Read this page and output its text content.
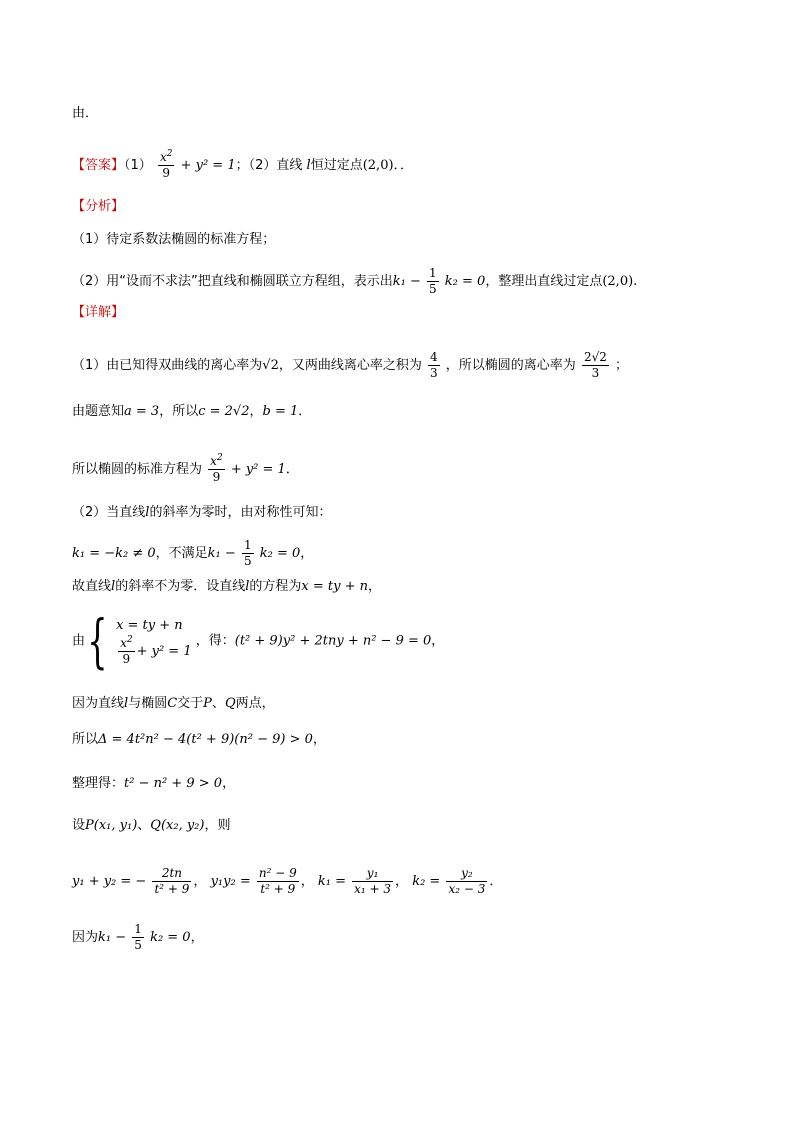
由．
【答案】$(1) \frac{x^2}{9} + y^2 = 1$；（2）直线 l恒过定点(2,0)．．
【分析】
（1）待定系数法椭圆的标准方程；
（2）用“设而不求法”把直线和椭圆联立方程组，表示出$k_1 - \frac{1}{5} k_2 = 0$，整理出直线过定点(2,0).
【详解】
（1）由已知得双曲线的离心率为√2，又两曲线离心率之积为 $\frac{4}{3}$ ，所以椭圆的离心率为 $\frac{2√2}{3}$ ；
由题意知a = 3，所以c = 2√2，b = 1．
所以椭圆的标准方程为 $\frac{x^2}{9} + y^2 = 1$．
（2）当直线l的斜率为零时，由对称性可知：
k₁ = −k₂ ≠ 0，不满足$k_1 - \frac{1}{5} k_2 = 0$，
故直线l的斜率不为零．设直线l的方程为x = ty + n，
由{ x = ty + n
$\frac{x^2}{9} + y^2 = 1$
，得：(t² + 9)y² + 2tny + n² − 9 = 0，
因为直线l与椭圆C交于P、Q两点，
所以Δ = 4t²n² − 4(t² + 9)(n² − 9) > 0，
整理得：t² − n² + 9 > 0，
设P(x₁, y₁)、Q(x₂, y₂)，则
y₁ + y₂ = − $\frac{2tn}{\text{t² + 9}}$ ， $y_1y_2 = \frac{\text{n² − 9}}{\text{t² + 9}}$ ， $k_1 = \frac{\text{y₁}}{\text{x₁ + 3}}$ ， $k_2 = \frac{\text{y₂}}{\text{x₂ − 3}}$ ．
因为$k_1 - \frac{1}{5} k_2 = 0$，
